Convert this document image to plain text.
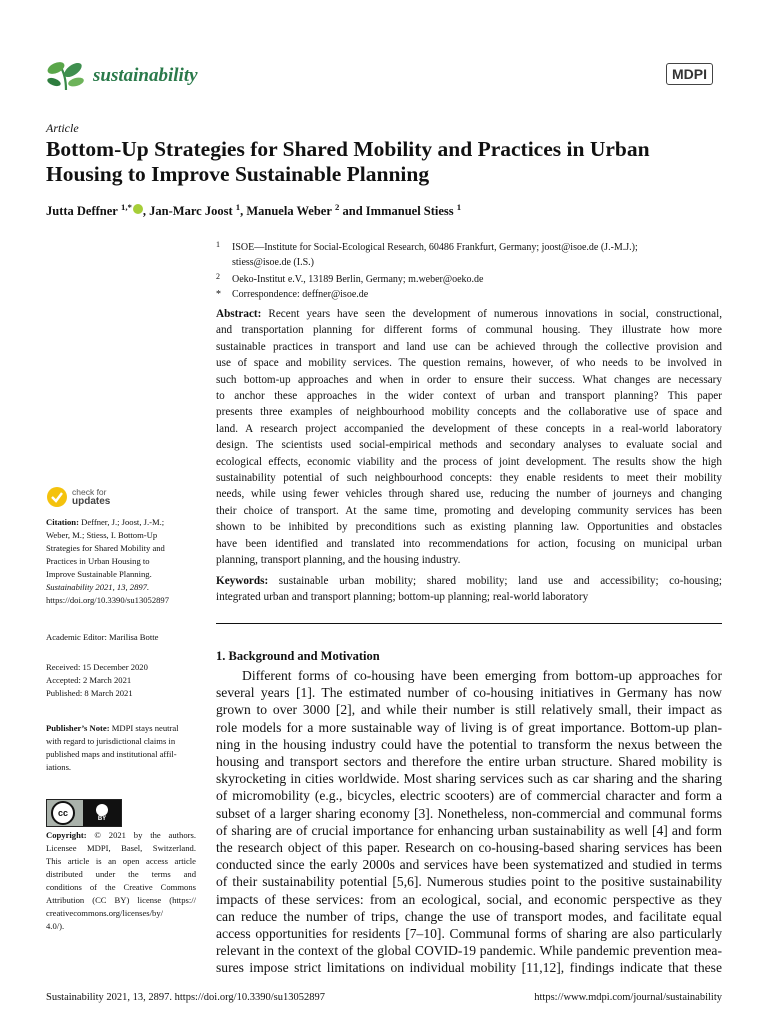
sustainability	MDPI
Article
Bottom-Up Strategies for Shared Mobility and Practices in Urban Housing to Improve Sustainable Planning
Jutta Deffner $^{1,*}$ , Jan-Marc Joost $^1$, Manuela Weber $^2$ and Immanuel Stiess $^1$
1 ISOE—Institute for Social-Ecological Research, 60486 Frankfurt, Germany; joost@isoe.de (J.-M.J.);
stiess@isoe.de (I.S.)
2 Oeko-Institut e.V., 13189 Berlin, Germany; m.weber@oeko.de
* Correspondence: deffner@isoe.de
Abstract: Recent years have seen the development of numerous innovations in social, constructional,
and transportation planning for different forms of communal housing. They illustrate how more
sustainable practices in transport and land use can be achieved through the collective provision and
use of space and mobility services. The question remains, however, of who needs to be involved in
such bottom-up approaches and when in order to ensure their success. What changes are necessary
to anchor these approaches in the wider context of urban and transport planning? This paper
presents three examples of neighbourhood mobility concepts and the collaborative use of space and
land. A research project accompanied the development of these concepts in a real-world laboratory
design. The scientists used social-empirical methods and secondary analyses to evaluate social and
ecological effects, economic viability and the process of joint development. The results show the high
sustainability potential of such neighbourhood concepts: they enable residents to meet their mobility
needs, while using fewer vehicles through shared use, reducing the number of journeys and changing
their choice of transport. At the same time, promoting and developing community services has been
shown to be inhibited by preconditions such as existing planning law. Opportunities and obstacles
have been identified and translated into recommendations for action, focusing on municipal urban
planning, transport planning, and the housing industry.
Keywords: sustainable urban mobility; shared mobility; land use and accessibility; co-housing;
integrated urban and transport planning; bottom-up planning; real-world laboratory
check for
updates
Citation: Deffner, J.; Joost, J.-M.;
Weber, M.; Stiess, I. Bottom-Up
Strategies for Shared Mobility and
Practices in Urban Housing to
Improve Sustainable Planning.
Sustainability 2021, 13, 2897.
https://doi.org/10.3390/su13052897
Academic Editor: Marilisa Botte
Received: 15 December 2020
Accepted: 2 March 2021
Published: 8 March 2021
Publisher’s Note: MDPI stays neutral
with regard to jurisdictional claims in
published maps and institutional affil-
iations.
cc
BY
Copyright: © 2021 by the authors.
Licensee MDPI, Basel, Switzerland.
This article is an open access article
distributed under the terms and
conditions of the Creative Commons
Attribution (CC BY) license (https://
creativecommons.org/licenses/by/
4.0/).
1. Background and Motivation
Different forms of co-housing have been emerging from bottom-up approaches for
several years [1]. The estimated number of co-housing initiatives in Germany has now
grown to over 3000 [2], and while their number is still relatively small, their impact as
role models for a more sustainable way of living is of great importance. Bottom-up plan-
ning in the housing industry could have the potential to transform the nexus between the
housing and transport sectors and therefore the entire urban structure. Shared mobility is
skyrocketing in cities worldwide. Most sharing services such as car sharing and the sharing
of micromobility (e.g., bicycles, electric scooters) are of commercial character and form a
subset of a larger sharing economy [3]. Nonetheless, non-commercial and communal forms
of sharing are of crucial importance for enhancing urban sustainability as well [4] and form
the research object of this paper. Research on co-housing-based sharing services has been
conducted since the early 2000s and services have been systematized and studied in terms
of their sustainability potential [5,6]. Numerous studies point to the positive sustainability
impacts of these services: from an ecological, social, and economic perspective as they
can reduce the number of trips, change the use of transport modes, and facilitate equal
access opportunities for residents [7–10]. Communal forms of sharing are also particularly
relevant in the context of the global COVID-19 pandemic. While pandemic prevention mea-
sures impose strict limitations on individual mobility [11,12], findings indicate that these
Sustainability 2021, 13, 2897. https://doi.org/10.3390/su13052897	https://www.mdpi.com/journal/sustainability
